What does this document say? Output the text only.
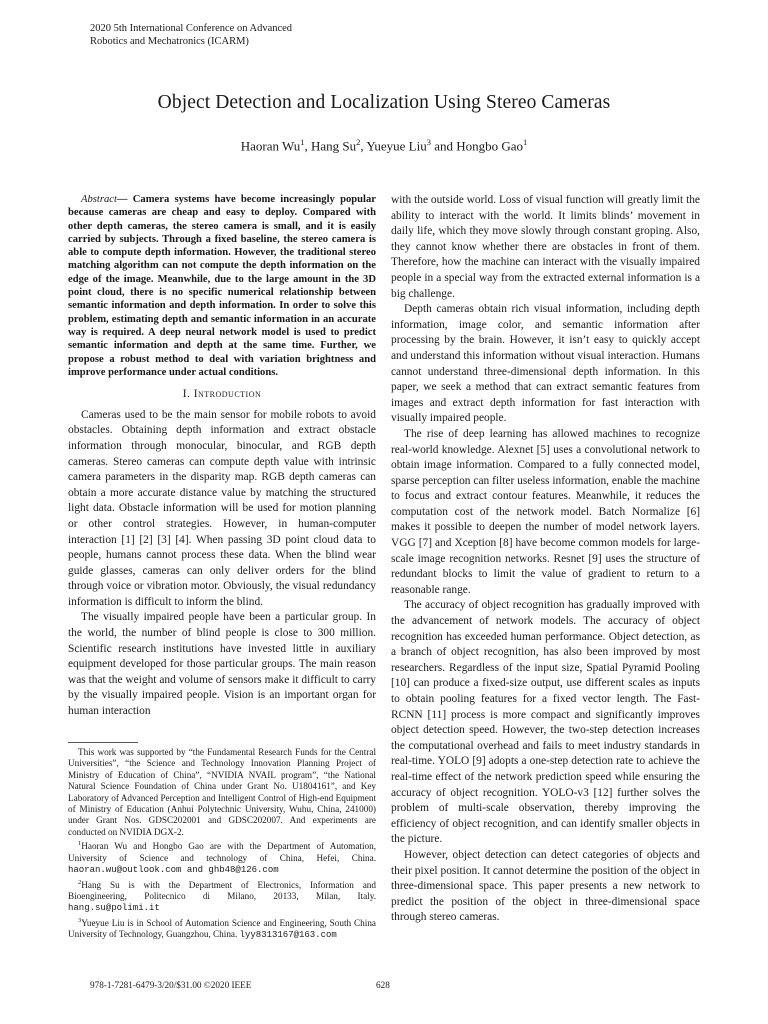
2020 5th International Conference on Advanced
Robotics and Mechatronics (ICARM)
Object Detection and Localization Using Stereo Cameras
Haoran Wu$^1$, Hang Su$^2$, Yueyue Liu$^3$ and Hongbo Gao$^1$

Abstract— Camera systems have become increasingly popular because cameras are cheap and easy to deploy. Compared with other depth cameras, the stereo camera is small, and it is easily carried by subjects. Through a fixed baseline, the stereo camera is able to compute depth information. However, the traditional stereo matching algorithm can not compute the depth information on the edge of the image. Meanwhile, due to the large amount in the 3D point cloud, there is no specific numerical relationship between semantic information and depth information. In order to solve this problem, estimating depth and semantic information in an accurate way is required. A deep neural network model is used to predict semantic information and depth at the same time. Further, we propose a robust method to deal with variation brightness and improve performance under actual conditions.

I. Introduction

Cameras used to be the main sensor for mobile robots to avoid obstacles. Obtaining depth information and extract obstacle information through monocular, binocular, and RGB depth cameras. Stereo cameras can compute depth value with intrinsic camera parameters in the disparity map. RGB depth cameras can obtain a more accurate distance value by matching the structured light data. Obstacle information will be used for motion planning or other control strategies. However, in human-computer interaction [1] [2] [3] [4]. When passing 3D point cloud data to people, humans cannot process these data. When the blind wear guide glasses, cameras can only deliver orders for the blind through voice or vibration motor. Obviously, the visual redundancy information is difficult to inform the blind.

The visually impaired people have been a particular group. In the world, the number of blind people is close to 300 million. Scientific research institutions have invested little in auxiliary equipment developed for those particular groups. The main reason was that the weight and volume of sensors make it difficult to carry by the visually impaired people. Vision is an important organ for human interaction

This work was supported by “the Fundamental Research Funds for the Central Universities”, “the Science and Technology Innovation Planning Project of Ministry of Education of China”, “NVIDIA NVAIL program”, “the National Natural Science Foundation of China under Grant No. U1804161”, and Key Laboratory of Advanced Perception and Intelligent Control of High-end Equipment of Ministry of Education (Anhui Polytechnic University, Wuhu, China, 241000) under Grant Nos. GDSC202001 and GDSC202007. And experiments are conducted on NVIDIA DGX-2.

$^1$Haoran Wu and Hongbo Gao are with the Department of Automation, University of Science and technology of China, Hefei, China. haoran.wu@outlook.com and ghb48@126.com

$^2$Hang Su is with the Department of Electronics, Information and Bioengineering, Politecnico di Milano, 20133, Milan, Italy. hang.su@polimi.it

$^3$Yueyue Liu is in School of Automation Science and Engineering, South China University of Technology, Guangzhou, China. lyy8313167@163.com

with the outside world. Loss of visual function will greatly limit the ability to interact with the world. It limits blinds’ movement in daily life, which they move slowly through constant groping. Also, they cannot know whether there are obstacles in front of them. Therefore, how the machine can interact with the visually impaired people in a special way from the extracted external information is a big challenge.

Depth cameras obtain rich visual information, including depth information, image color, and semantic information after processing by the brain. However, it isn’t easy to quickly accept and understand this information without visual interaction. Humans cannot understand three-dimensional depth information. In this paper, we seek a method that can extract semantic features from images and extract depth information for fast interaction with visually impaired people.

The rise of deep learning has allowed machines to recognize real-world knowledge. Alexnet [5] uses a convolutional network to obtain image information. Compared to a fully connected model, sparse perception can filter useless information, enable the machine to focus and extract contour features. Meanwhile, it reduces the computation cost of the network model. Batch Normalize [6] makes it possible to deepen the number of model network layers. VGG [7] and Xception [8] have become common models for large-scale image recognition networks. Resnet [9] uses the structure of redundant blocks to limit the value of gradient to return to a reasonable range.

The accuracy of object recognition has gradually improved with the advancement of network models. The accuracy of object recognition has exceeded human performance. Object detection, as a branch of object recognition, has also been improved by most researchers. Regardless of the input size, Spatial Pyramid Pooling [10] can produce a fixed-size output, use different scales as inputs to obtain pooling features for a fixed vector length. The Fast-RCNN [11] process is more compact and significantly improves object detection speed. However, the two-step detection increases the computational overhead and fails to meet industry standards in real-time. YOLO [9] adopts a one-step detection rate to achieve the real-time effect of the network prediction speed while ensuring the accuracy of object recognition. YOLO-v3 [12] further solves the problem of multi-scale observation, thereby improving the efficiency of object recognition, and can identify smaller objects in the picture.

However, object detection can detect categories of objects and their pixel position. It cannot determine the position of the object in three-dimensional space. This paper presents a new network to predict the position of the object in three-dimensional space through stereo cameras.

978-1-7281-6479-3/20/$31.00 ©2020 IEEE	628
